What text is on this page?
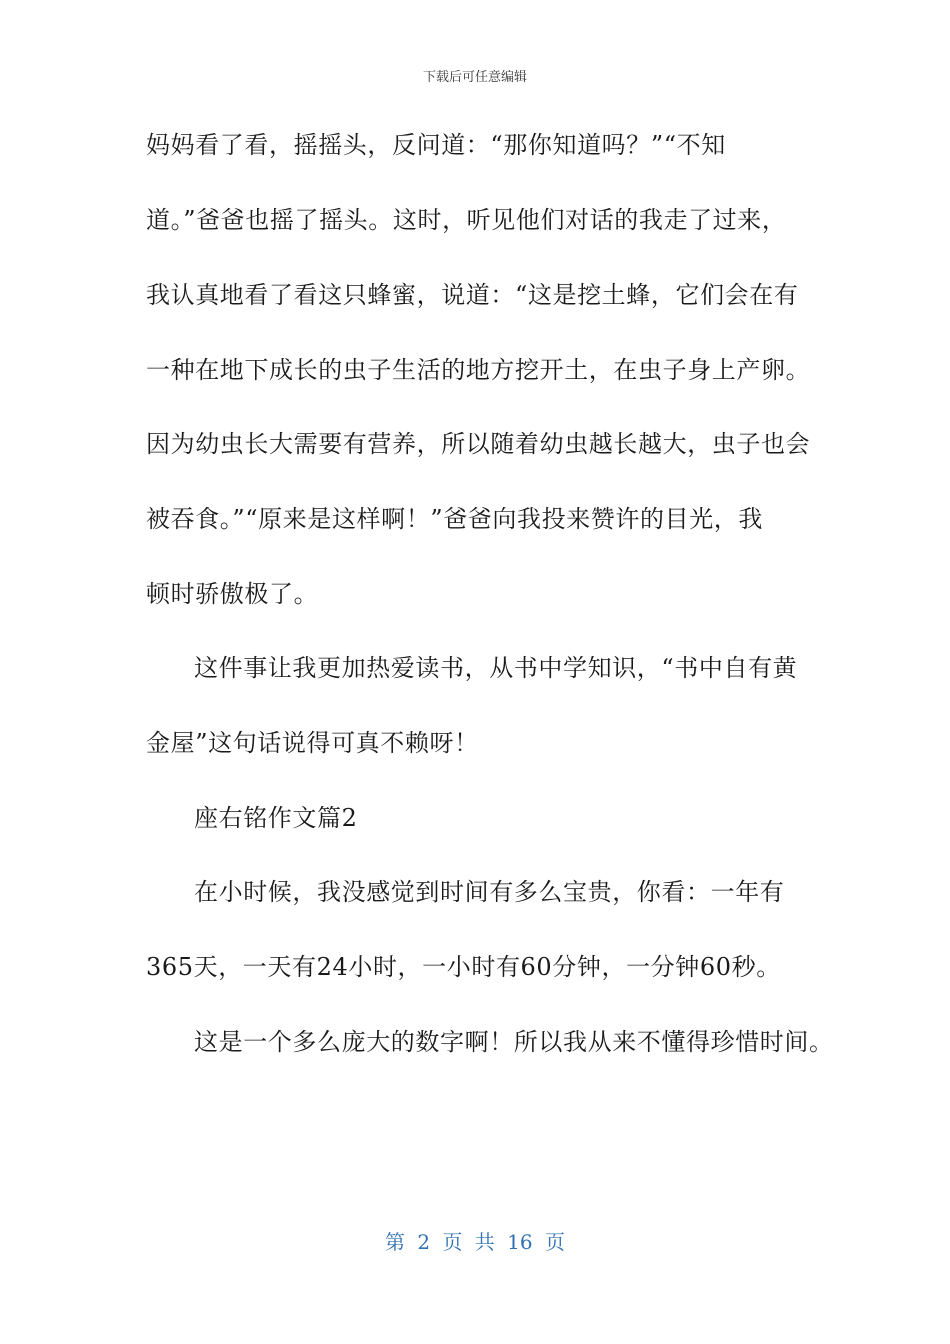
下载后可任意编辑
妈妈看了看，摇摇头，反问道：“那你知道吗？”“不知
道。”爸爸也摇了摇头。这时，听见他们对话的我走了过来，
我认真地看了看这只蜂蜜，说道：“这是挖土蜂，它们会在有
一种在地下成长的虫子生活的地方挖开土，在虫子身上产卵。
因为幼虫长大需要有营养，所以随着幼虫越长越大，虫子也会
被吞食。”“原来是这样啊！”爸爸向我投来赞许的目光，我
顿时骄傲极了。
这件事让我更加热爱读书，从书中学知识，“书中自有黄
金屋”这句话说得可真不赖呀！
座右铭作文篇2
在小时候，我没感觉到时间有多么宝贵，你看：一年有
365天，一天有24小时，一小时有60分钟，一分钟60秒。
这是一个多么庞大的数字啊！所以我从来不懂得珍惜时间。
第 2 页 共 16 页
